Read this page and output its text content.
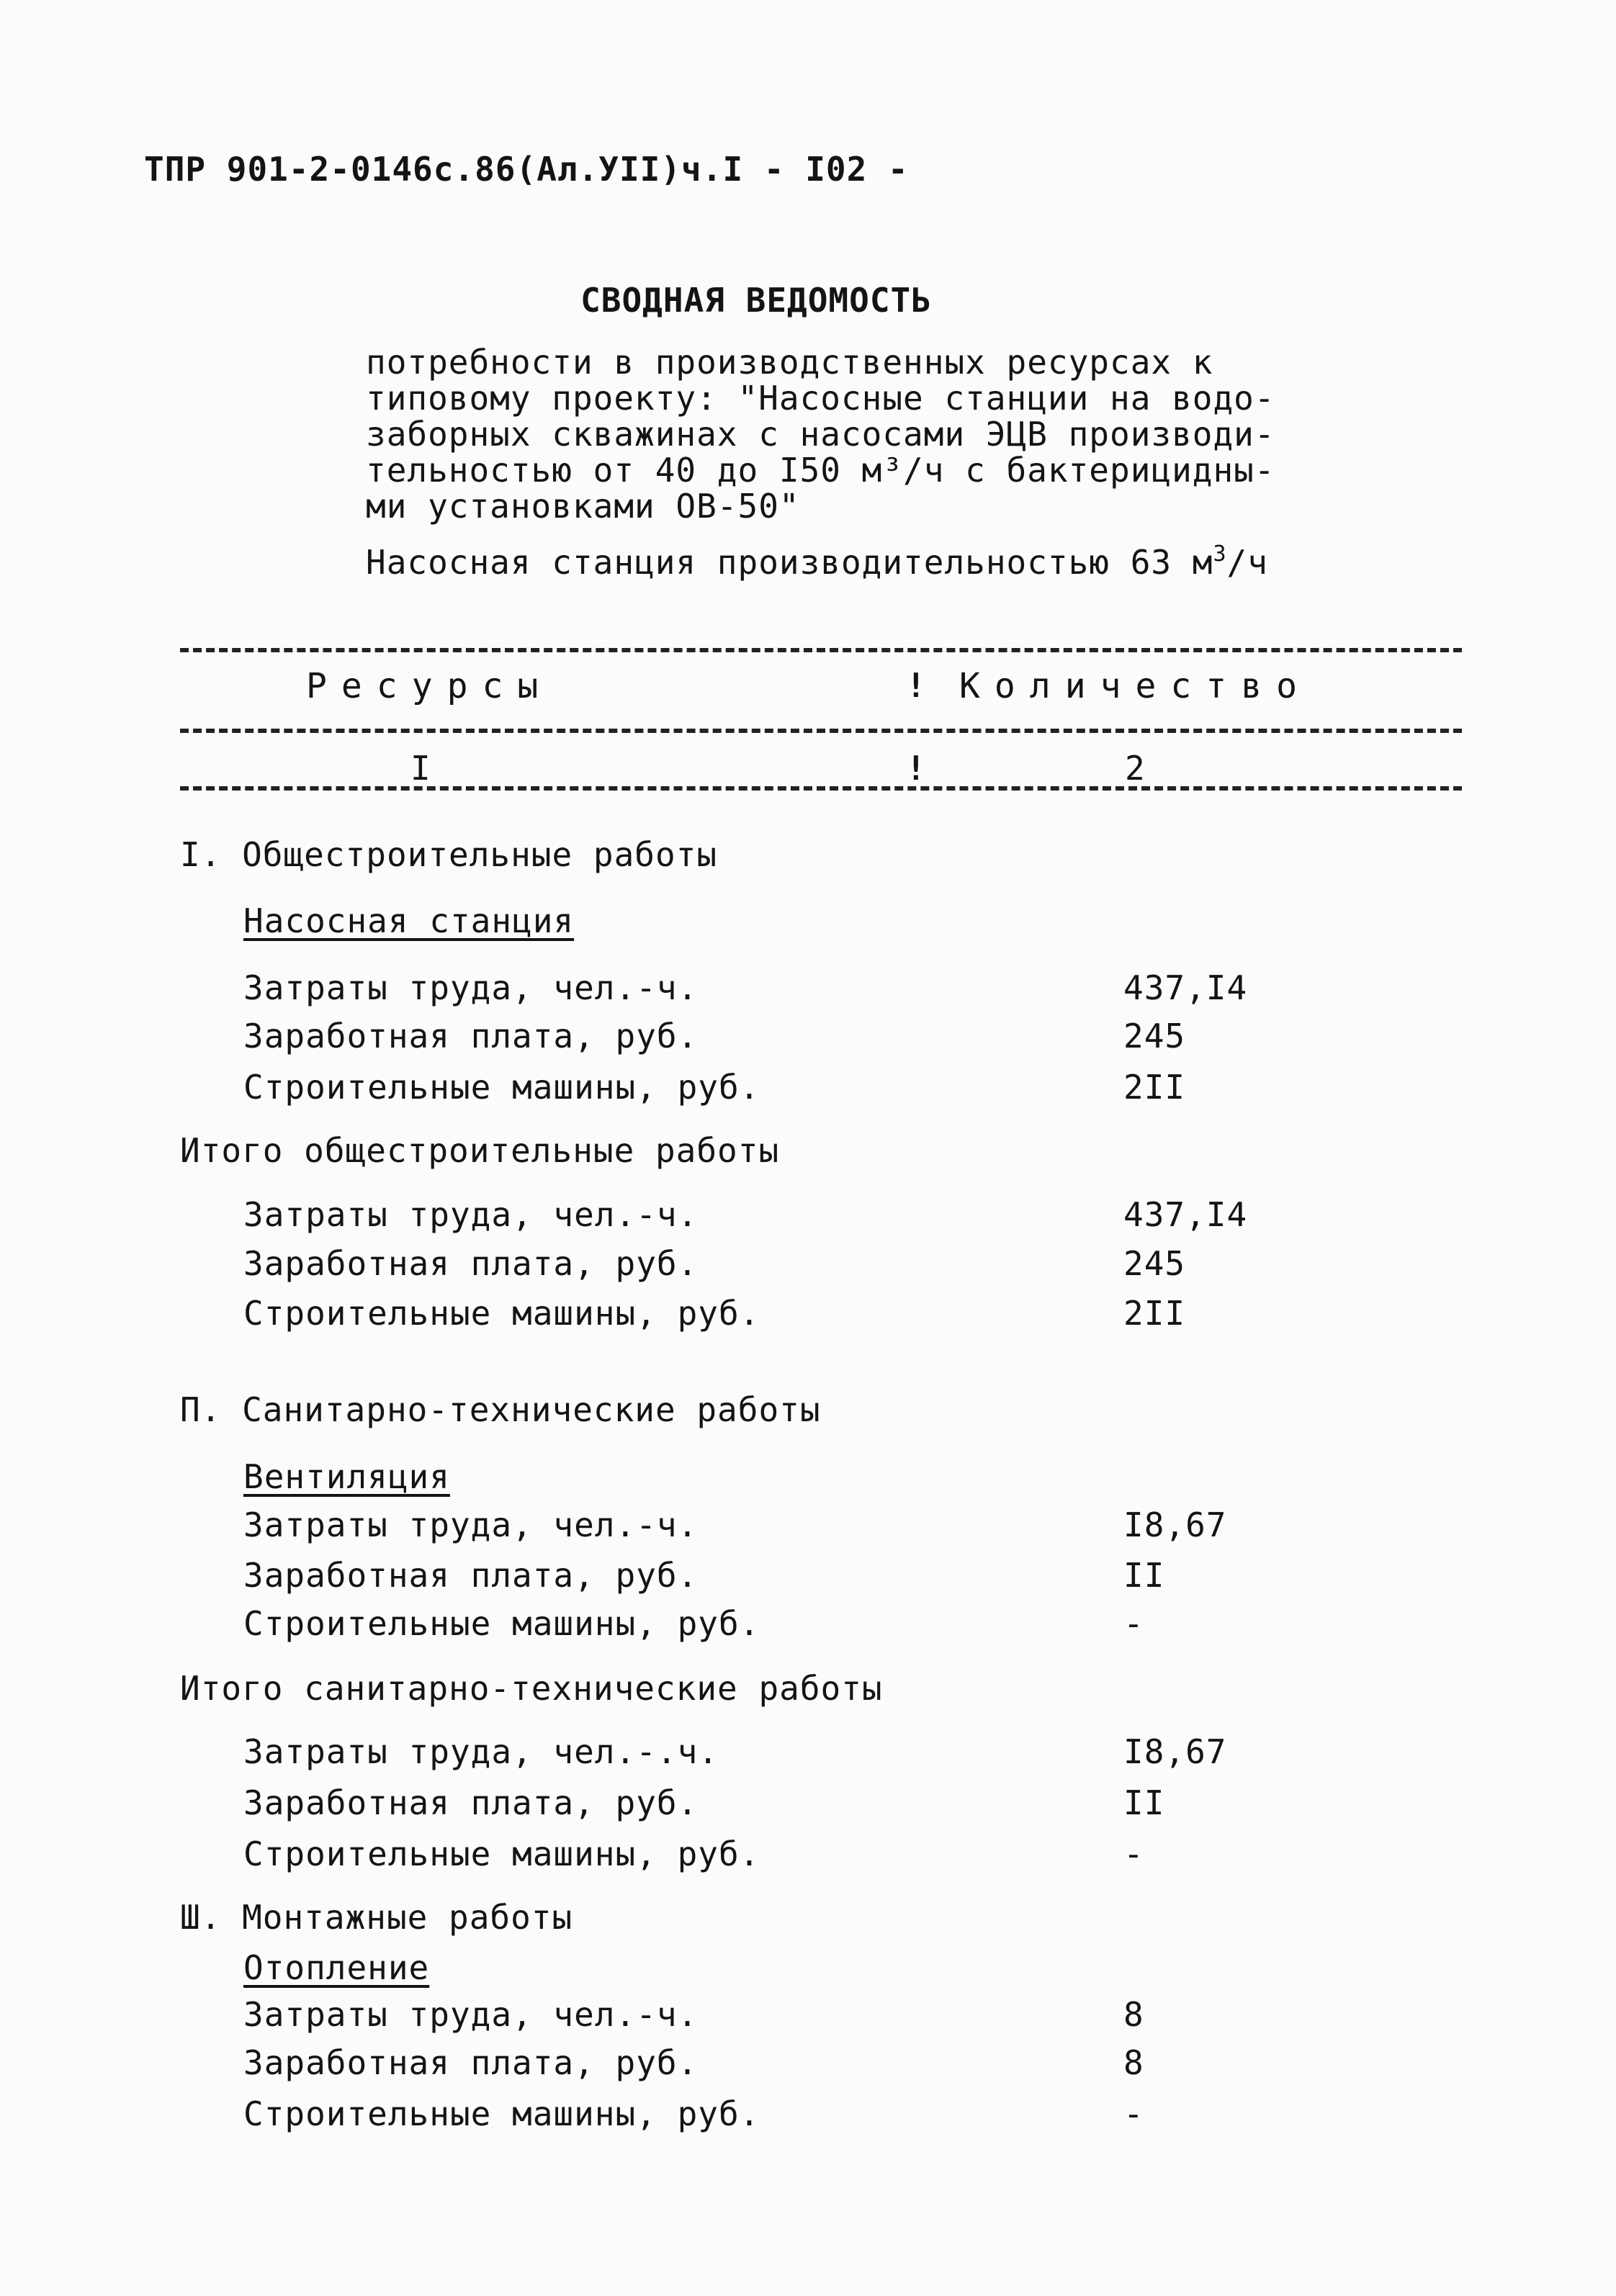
ТПР 901-2-0146с.86(Ал.УII)ч.I - I02 -
СВОДНАЯ ВЕДОМОСТЬ
потребности в производственных ресурсах к
типовому проекту: "Насосные станции на водо-
заборных скважинах с насосами ЭЦВ производи-
тельностью от 40 до I50 м³/ч с бактерицидны-
ми установками ОВ-50"
Насосная станция производительностью 63 $м^3/ч$
Ресурсы	! Количество
I	!	2
I. Общестроительные работы
Насосная станция
Затраты труда, чел.-ч.	437,I4
Заработная плата, руб.	245
Строительные машины, руб.	2II
Итого общестроительные работы
Затраты труда, чел.-ч.	437,I4
Заработная плата, руб.	245
Строительные машины, руб.	2II
П. Санитарно-технические работы
Вентиляция
Затраты труда, чел.-ч.	I8,67
Заработная плата, руб.	II
Строительные машины, руб.	-
Итого санитарно-технические работы
Затраты труда, чел.-.ч.	I8,67
Заработная плата, руб.	II
Строительные машины, руб.	-
Ш. Монтажные работы
Отопление
Затраты труда, чел.-ч.	8
Заработная плата, руб.	8
Строительные машины, руб.	-
